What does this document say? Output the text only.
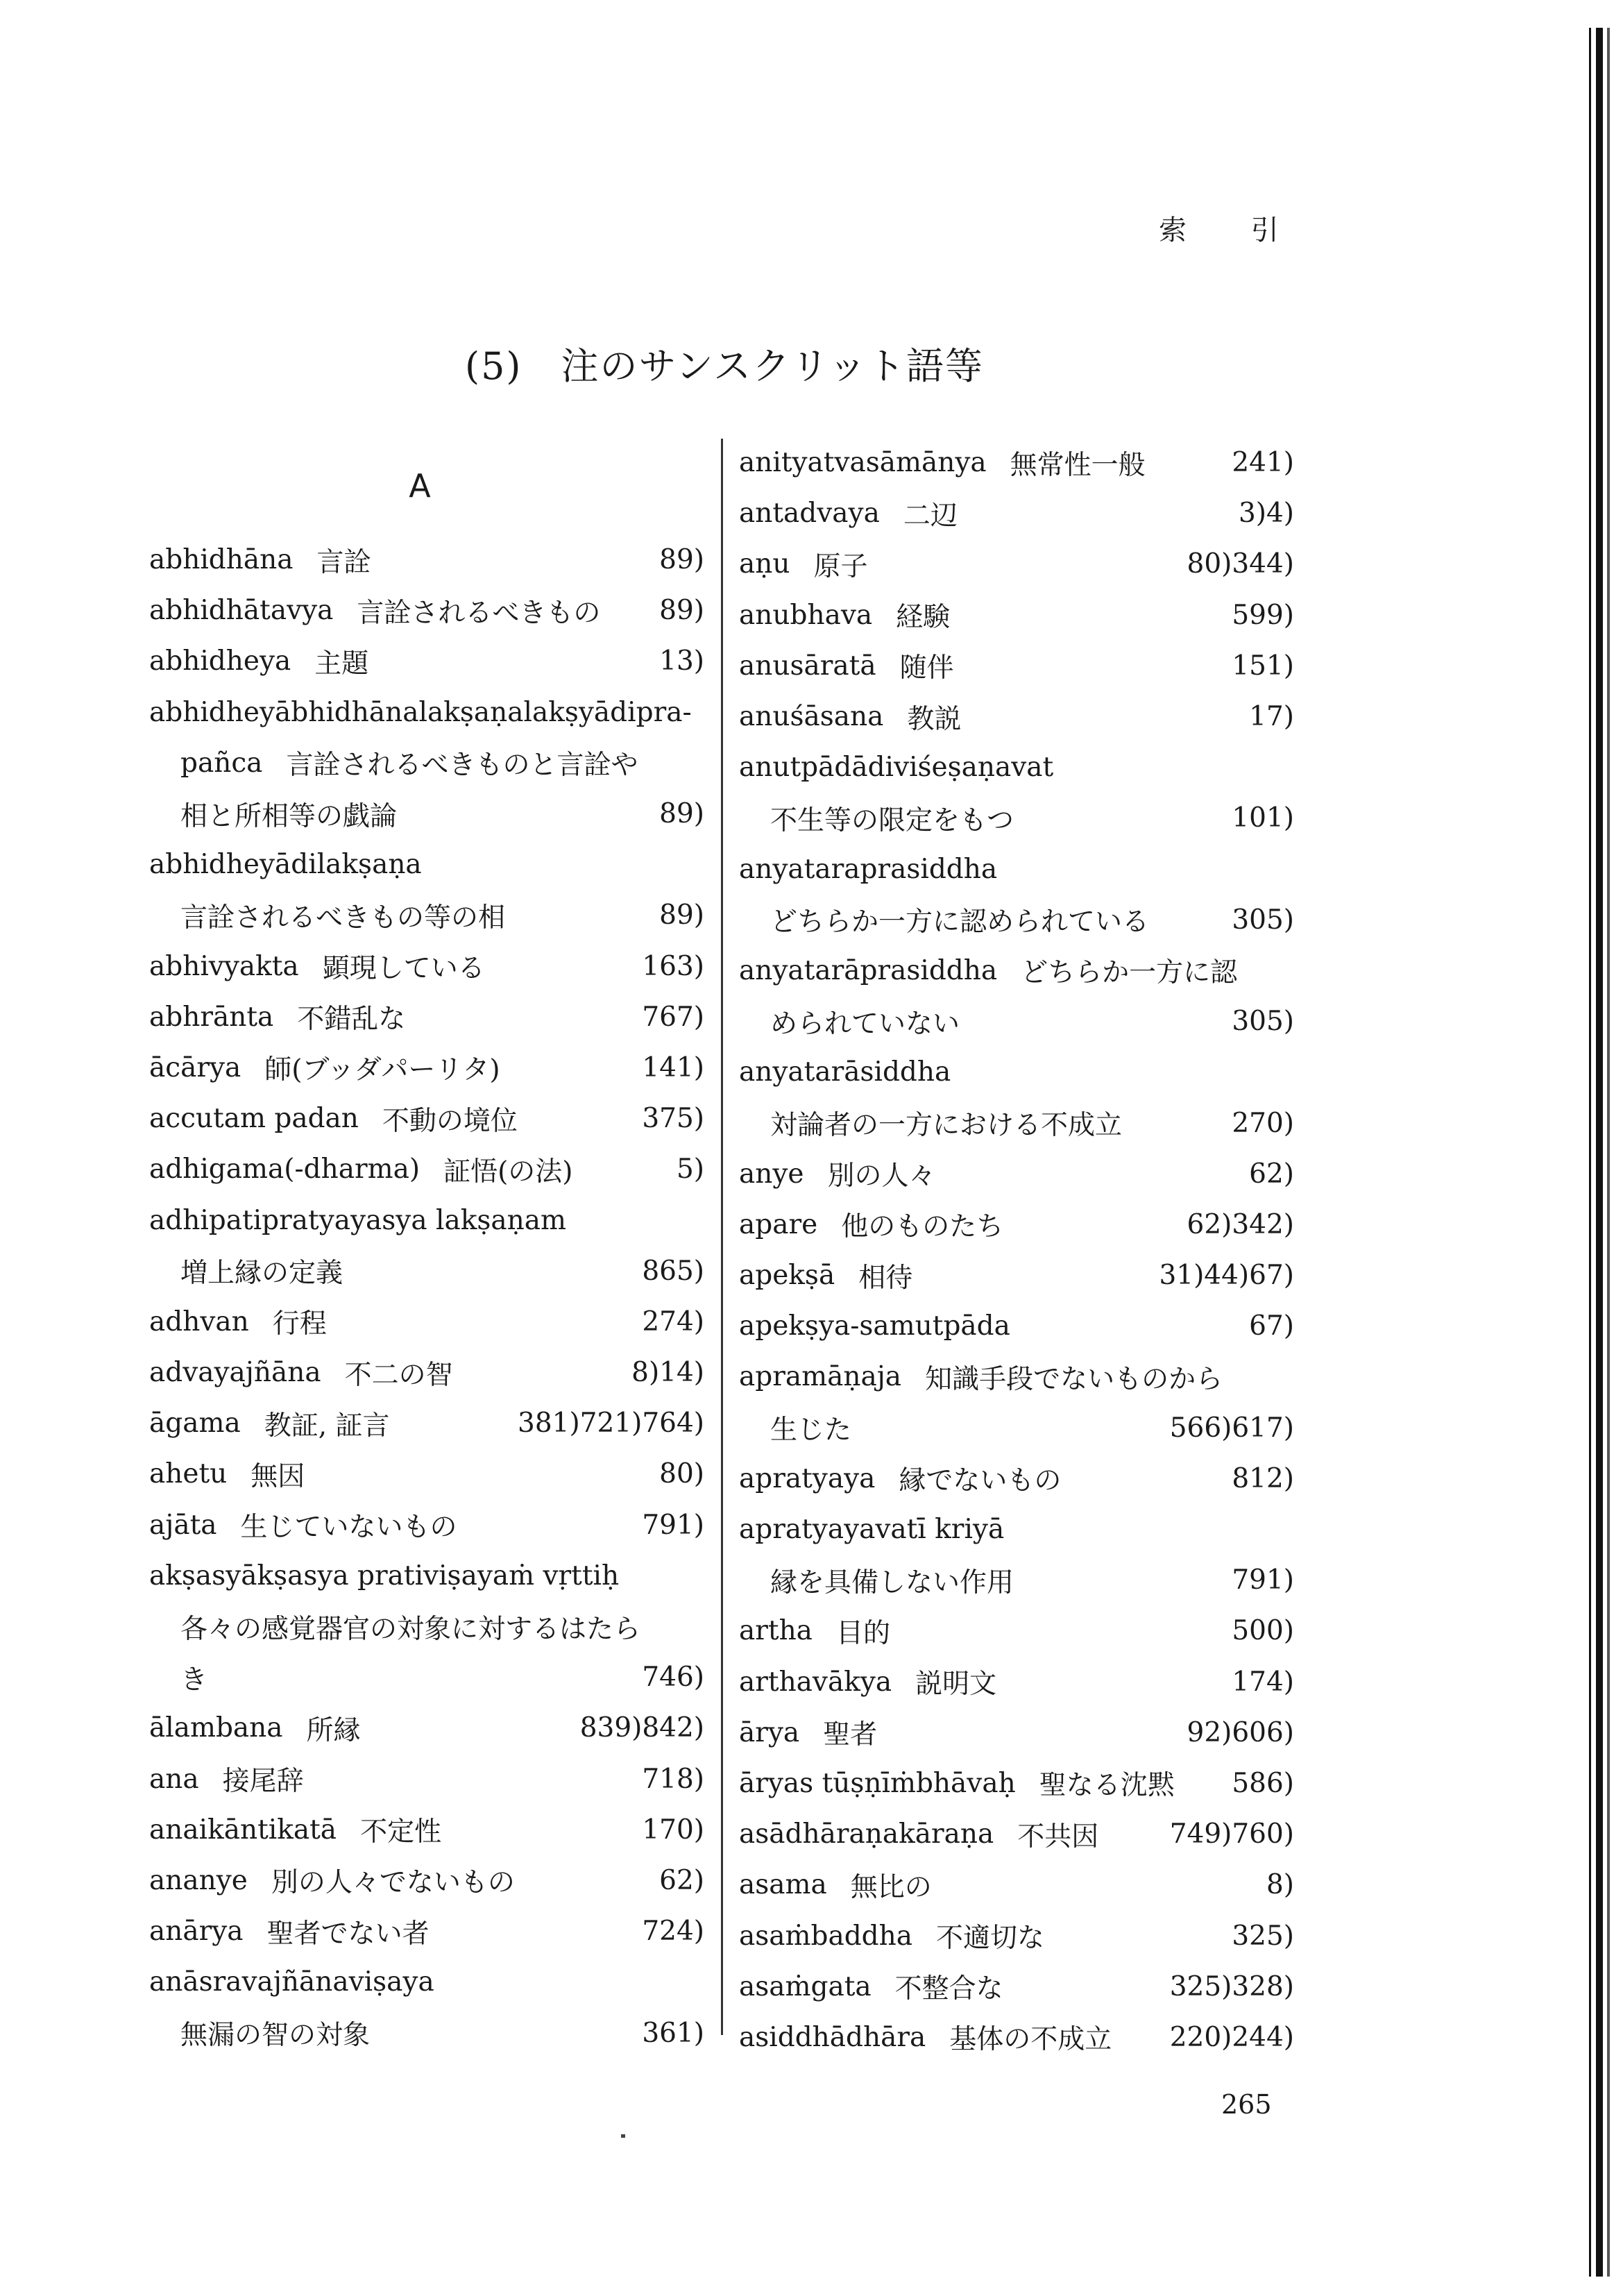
索 引
(5)　注のサンスクリット語等
A
abhidhāna 言詮	89)
abhidhātavya 言詮されるべきもの	89)
abhidheya 主題	13)
abhidheyābhidhānalakṣaṇalakṣyādipra-
pañca 言詮されるべきものと言詮や
相と所相等の戯論	89)
abhidheyādilakṣaṇa
言詮されるべきもの等の相	89)
abhivyakta 顕現している	163)
abhrānta 不錯乱な	767)
ācārya 師(ブッダパーリタ)	141)
accutam padan 不動の境位	375)
adhigama(-dharma) 証悟(の法)	5)
adhipatipratyayasya lakṣaṇam
増上縁の定義	865)
adhvan 行程	274)
advayajñāna 不二の智	8)14)
āgama 教証, 証言	381)721)764)
ahetu 無因	80)
ajāta 生じていないもの	791)
akṣasyākṣasya prativiṣayaṁ vṛttiḥ
各々の感覚器官の対象に対するはたら
き	746)
ālambana 所縁	839)842)
ana 接尾辞	718)
anaikāntikatā 不定性	170)
ananye 別の人々でないもの	62)
anārya 聖者でない者	724)
anāsravajñānaviṣaya
無漏の智の対象	361)
anityatvasāmānya 無常性一般	241)
antadvaya 二辺	3)4)
aṇu 原子	80)344)
anubhava 経験	599)
anusāratā 随伴	151)
anuśāsana 教説	17)
anutpādādiviśeṣaṇavat
不生等の限定をもつ	101)
anyataraprasiddha
どちらか一方に認められている	305)
anyatarāprasiddha どちらか一方に認
められていない	305)
anyatarāsiddha
対論者の一方における不成立	270)
anye 別の人々	62)
apare 他のものたち	62)342)
apekṣā 相待	31)44)67)
apekṣya-samutpāda	67)
apramāṇaja 知識手段でないものから
生じた	566)617)
apratyaya 縁でないもの	812)
apratyayavatī kriyā
縁を具備しない作用	791)
artha 目的	500)
arthavākya 説明文	174)
ārya 聖者	92)606)
āryas tūṣṇīṁbhāvaḥ 聖なる沈黙	586)
asādhāraṇakāraṇa 不共因	749)760)
asama 無比の	8)
asaṁbaddha 不適切な	325)
asaṁgata 不整合な	325)328)
asiddhādhāra 基体の不成立	220)244)
265
